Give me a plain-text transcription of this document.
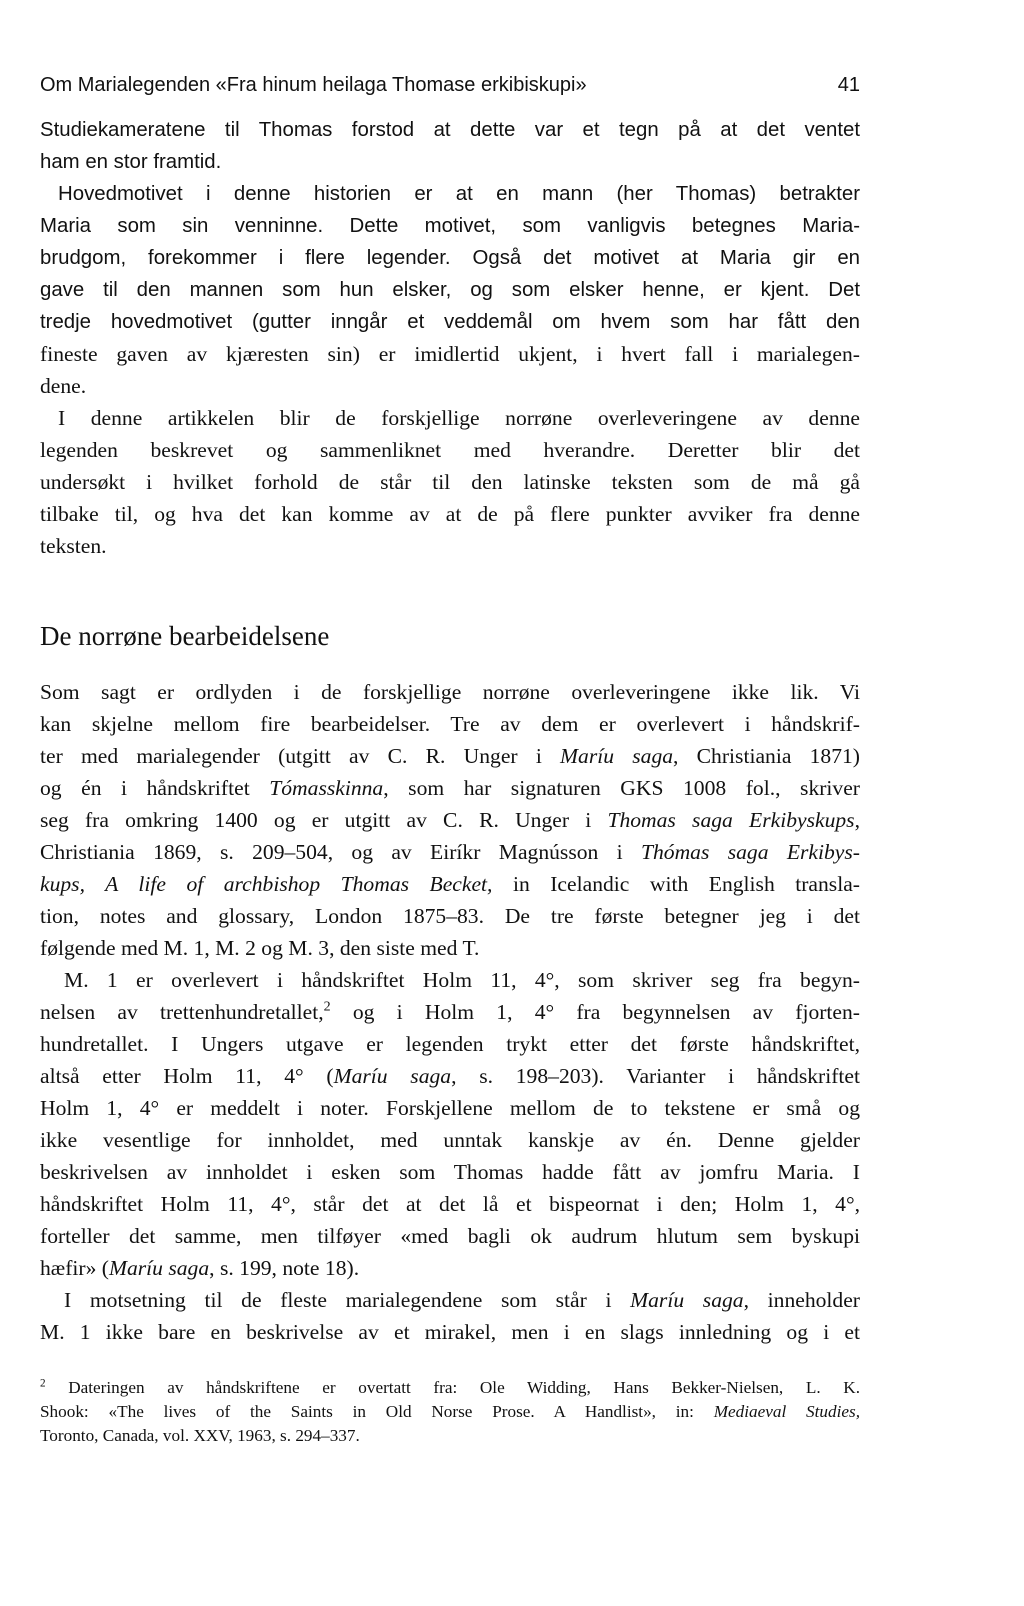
Om Marialegenden «Fra hinum heilaga Thomase erkibiskupi»	41
Studiekameratene til Thomas forstod at dette var et tegn på at det ventet
ham en stor framtid.
Hovedmotivet i denne historien er at en mann (her Thomas) betrakter
Maria som sin venninne. Dette motivet, som vanligvis betegnes Maria-
brudgom, forekommer i flere legender. Også det motivet at Maria gir en
gave til den mannen som hun elsker, og som elsker henne, er kjent. Det
tredje hovedmotivet (gutter inngår et veddemål om hvem som har fått den
fineste gaven av kjæresten sin) er imidlertid ukjent, i hvert fall i marialegen-
dene.
I denne artikkelen blir de forskjellige norrøne overleveringene av denne
legenden beskrevet og sammenliknet med hverandre. Deretter blir det
undersøkt i hvilket forhold de står til den latinske teksten som de må gå
tilbake til, og hva det kan komme av at de på flere punkter avviker fra denne
teksten.
De norrøne bearbeidelsene
Som sagt er ordlyden i de forskjellige norrøne overleveringene ikke lik. Vi
kan skjelne mellom fire bearbeidelser. Tre av dem er overlevert i håndskrif-
ter med marialegender (utgitt av C. R. Unger i Maríu saga, Christiania 1871)
og én i håndskriftet Tómasskinna, som har signaturen GKS 1008 fol., skriver
seg fra omkring 1400 og er utgitt av C. R. Unger i Thomas saga Erkibyskups,
Christiania 1869, s. 209–504, og av Eiríkr Magnússon i Thómas saga Erkibys-
kups, A life of archbishop Thomas Becket, in Icelandic with English transla-
tion, notes and glossary, London 1875–83. De tre første betegner jeg i det
følgende med M. 1, M. 2 og M. 3, den siste med T.
M. 1 er overlevert i håndskriftet Holm 11, 4°, som skriver seg fra begyn-
nelsen av trettenhundretallet,$^2$ og i Holm 1, 4° fra begynnelsen av fjorten-
hundretallet. I Ungers utgave er legenden trykt etter det første håndskriftet,
altså etter Holm 11, 4° (Maríu saga, s. 198–203). Varianter i håndskriftet
Holm 1, 4° er meddelt i noter. Forskjellene mellom de to tekstene er små og
ikke vesentlige for innholdet, med unntak kanskje av én. Denne gjelder
beskrivelsen av innholdet i esken som Thomas hadde fått av jomfru Maria. I
håndskriftet Holm 11, 4°, står det at det lå et bispeornat i den; Holm 1, 4°,
forteller det samme, men tilføyer «med bagli ok audrum hlutum sem byskupi
hæfir» (Maríu saga, s. 199, note 18).
I motsetning til de fleste marialegendene som står i Maríu saga, inneholder
M. 1 ikke bare en beskrivelse av et mirakel, men i en slags innledning og i et
$^2$ Dateringen av håndskriftene er overtatt fra: Ole Widding, Hans Bekker-Nielsen, L. K.
Shook: «The lives of the Saints in Old Norse Prose. A Handlist», in: Mediaeval Studies,
Toronto, Canada, vol. XXV, 1963, s. 294–337.
